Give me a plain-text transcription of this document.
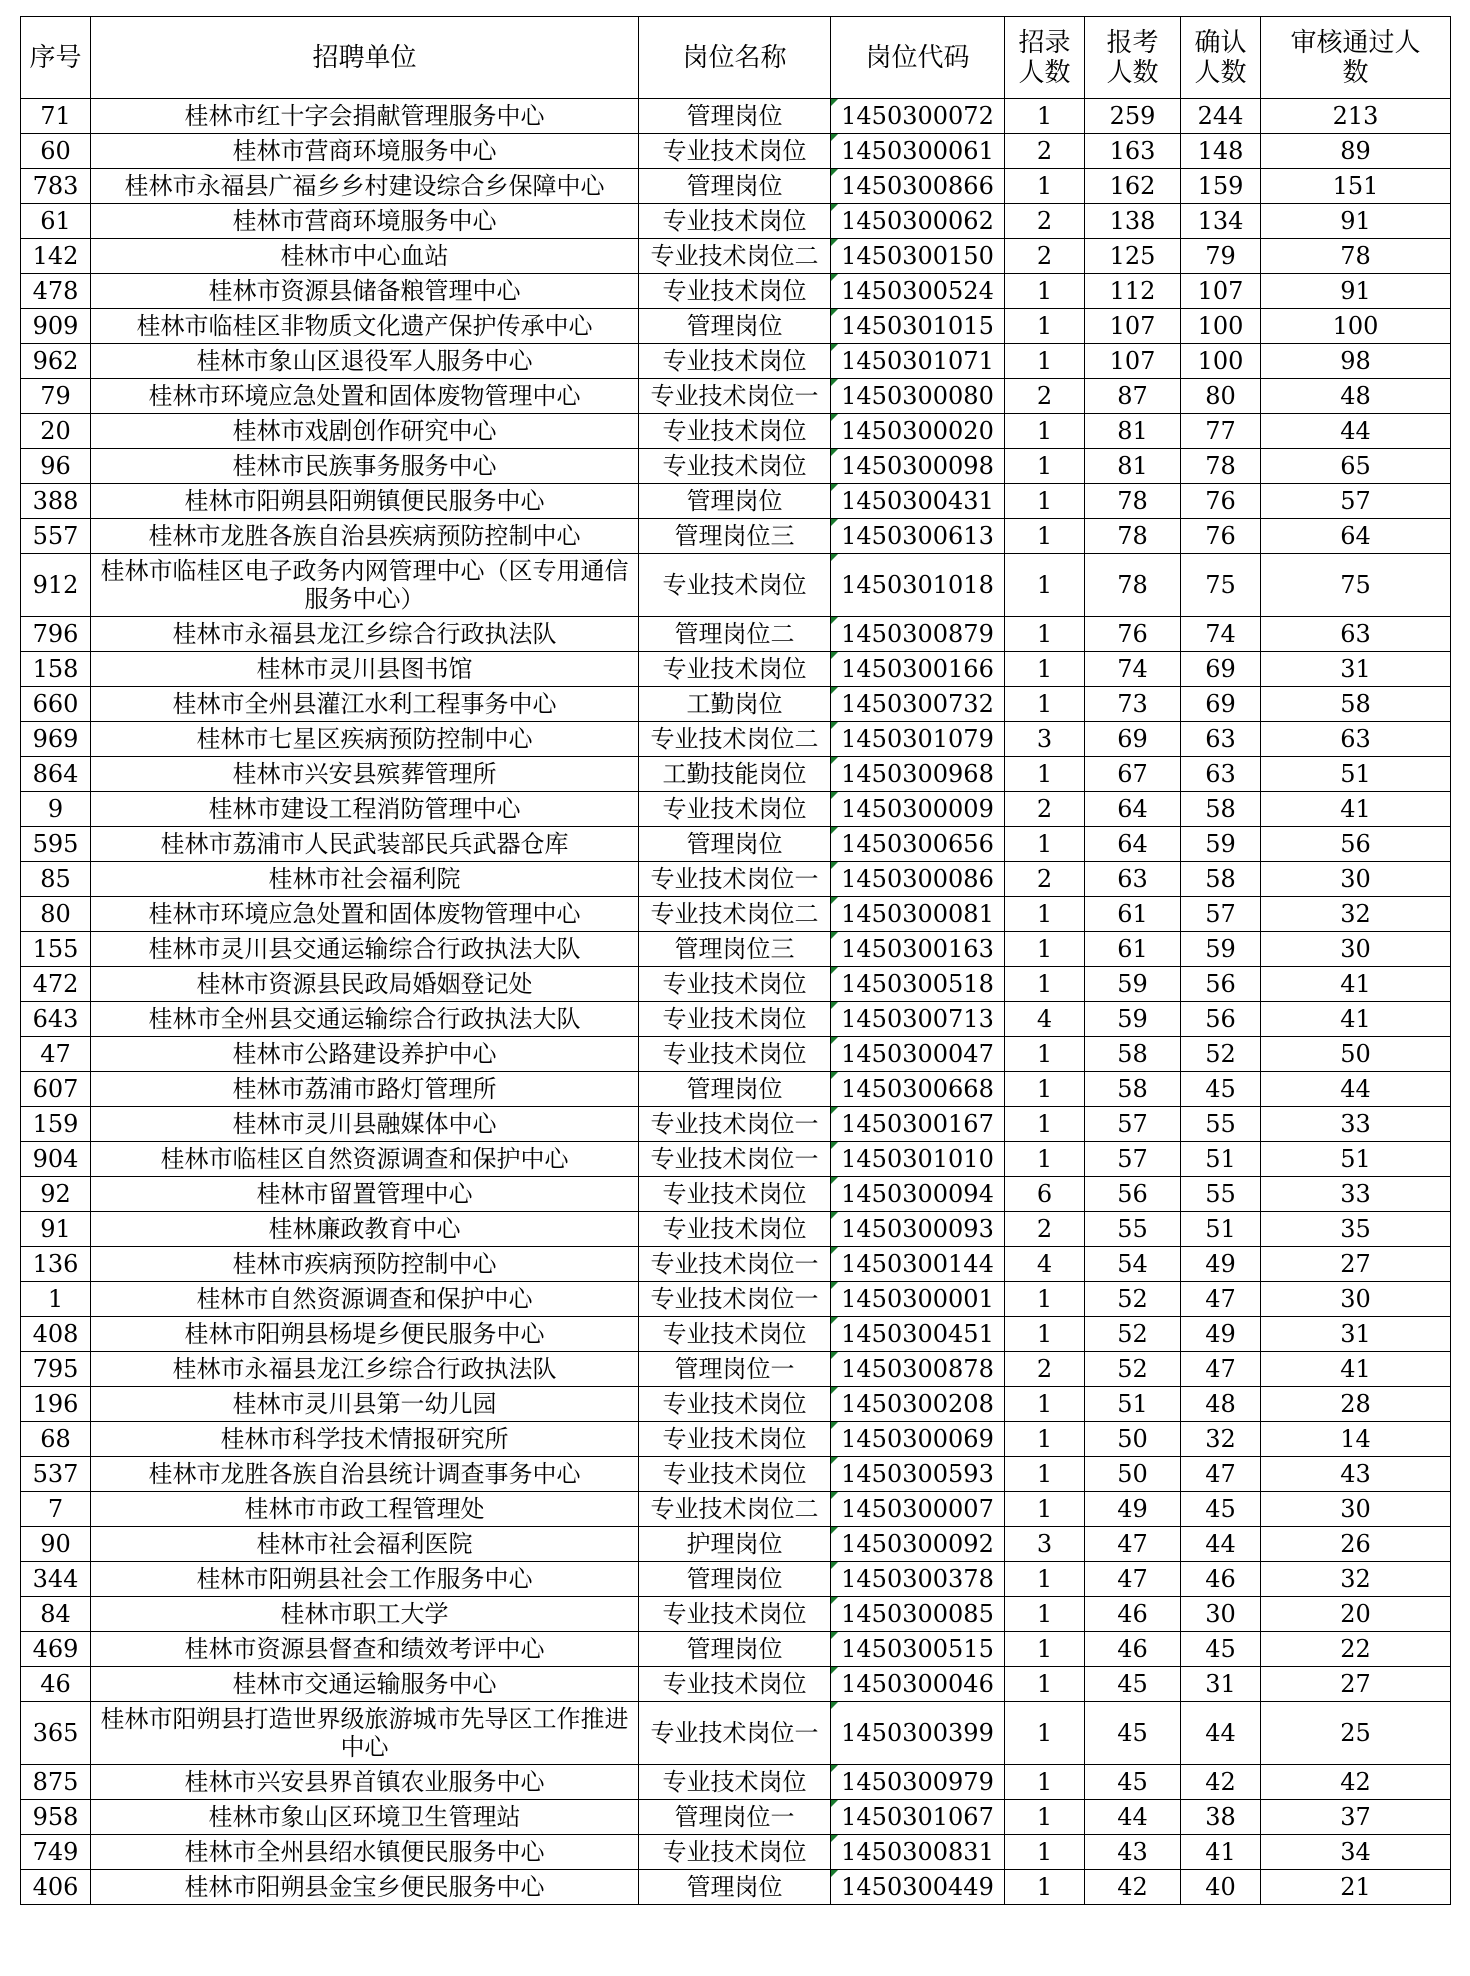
序号	招聘单位	岗位名称	岗位代码	招录人数	报考人数	确认人数	审核通过人数
71	桂林市红十字会捐献管理服务中心	管理岗位	1450300072	1	259	244	213
60	桂林市营商环境服务中心	专业技术岗位	1450300061	2	163	148	89
783	桂林市永福县广福乡乡村建设综合乡保障中心	管理岗位	1450300866	1	162	159	151
61	桂林市营商环境服务中心	专业技术岗位	1450300062	2	138	134	91
142	桂林市中心血站	专业技术岗位二	1450300150	2	125	79	78
478	桂林市资源县储备粮管理中心	专业技术岗位	1450300524	1	112	107	91
909	桂林市临桂区非物质文化遗产保护传承中心	管理岗位	1450301015	1	107	100	100
962	桂林市象山区退役军人服务中心	专业技术岗位	1450301071	1	107	100	98
79	桂林市环境应急处置和固体废物管理中心	专业技术岗位一	1450300080	2	87	80	48
20	桂林市戏剧创作研究中心	专业技术岗位	1450300020	1	81	77	44
96	桂林市民族事务服务中心	专业技术岗位	1450300098	1	81	78	65
388	桂林市阳朔县阳朔镇便民服务中心	管理岗位	1450300431	1	78	76	57
557	桂林市龙胜各族自治县疾病预防控制中心	管理岗位三	1450300613	1	78	76	64
912	桂林市临桂区电子政务内网管理中心（区专用通信服务中心）	专业技术岗位	1450301018	1	78	75	75
796	桂林市永福县龙江乡综合行政执法队	管理岗位二	1450300879	1	76	74	63
158	桂林市灵川县图书馆	专业技术岗位	1450300166	1	74	69	31
660	桂林市全州县灌江水利工程事务中心	工勤岗位	1450300732	1	73	69	58
969	桂林市七星区疾病预防控制中心	专业技术岗位二	1450301079	3	69	63	63
864	桂林市兴安县殡葬管理所	工勤技能岗位	1450300968	1	67	63	51
9	桂林市建设工程消防管理中心	专业技术岗位	1450300009	2	64	58	41
595	桂林市荔浦市人民武装部民兵武器仓库	管理岗位	1450300656	1	64	59	56
85	桂林市社会福利院	专业技术岗位一	1450300086	2	63	58	30
80	桂林市环境应急处置和固体废物管理中心	专业技术岗位二	1450300081	1	61	57	32
155	桂林市灵川县交通运输综合行政执法大队	管理岗位三	1450300163	1	61	59	30
472	桂林市资源县民政局婚姻登记处	专业技术岗位	1450300518	1	59	56	41
643	桂林市全州县交通运输综合行政执法大队	专业技术岗位	1450300713	4	59	56	41
47	桂林市公路建设养护中心	专业技术岗位	1450300047	1	58	52	50
607	桂林市荔浦市路灯管理所	管理岗位	1450300668	1	58	45	44
159	桂林市灵川县融媒体中心	专业技术岗位一	1450300167	1	57	55	33
904	桂林市临桂区自然资源调查和保护中心	专业技术岗位一	1450301010	1	57	51	51
92	桂林市留置管理中心	专业技术岗位	1450300094	6	56	55	33
91	桂林廉政教育中心	专业技术岗位	1450300093	2	55	51	35
136	桂林市疾病预防控制中心	专业技术岗位一	1450300144	4	54	49	27
1	桂林市自然资源调查和保护中心	专业技术岗位一	1450300001	1	52	47	30
408	桂林市阳朔县杨堤乡便民服务中心	专业技术岗位	1450300451	1	52	49	31
795	桂林市永福县龙江乡综合行政执法队	管理岗位一	1450300878	2	52	47	41
196	桂林市灵川县第一幼儿园	专业技术岗位	1450300208	1	51	48	28
68	桂林市科学技术情报研究所	专业技术岗位	1450300069	1	50	32	14
537	桂林市龙胜各族自治县统计调查事务中心	专业技术岗位	1450300593	1	50	47	43
7	桂林市市政工程管理处	专业技术岗位二	1450300007	1	49	45	30
90	桂林市社会福利医院	护理岗位	1450300092	3	47	44	26
344	桂林市阳朔县社会工作服务中心	管理岗位	1450300378	1	47	46	32
84	桂林市职工大学	专业技术岗位	1450300085	1	46	30	20
469	桂林市资源县督查和绩效考评中心	管理岗位	1450300515	1	46	45	22
46	桂林市交通运输服务中心	专业技术岗位	1450300046	1	45	31	27
365	桂林市阳朔县打造世界级旅游城市先导区工作推进中心	专业技术岗位一	1450300399	1	45	44	25
875	桂林市兴安县界首镇农业服务中心	专业技术岗位	1450300979	1	45	42	42
958	桂林市象山区环境卫生管理站	管理岗位一	1450301067	1	44	38	37
749	桂林市全州县绍水镇便民服务中心	专业技术岗位	1450300831	1	43	41	34
406	桂林市阳朔县金宝乡便民服务中心	管理岗位	1450300449	1	42	40	21
